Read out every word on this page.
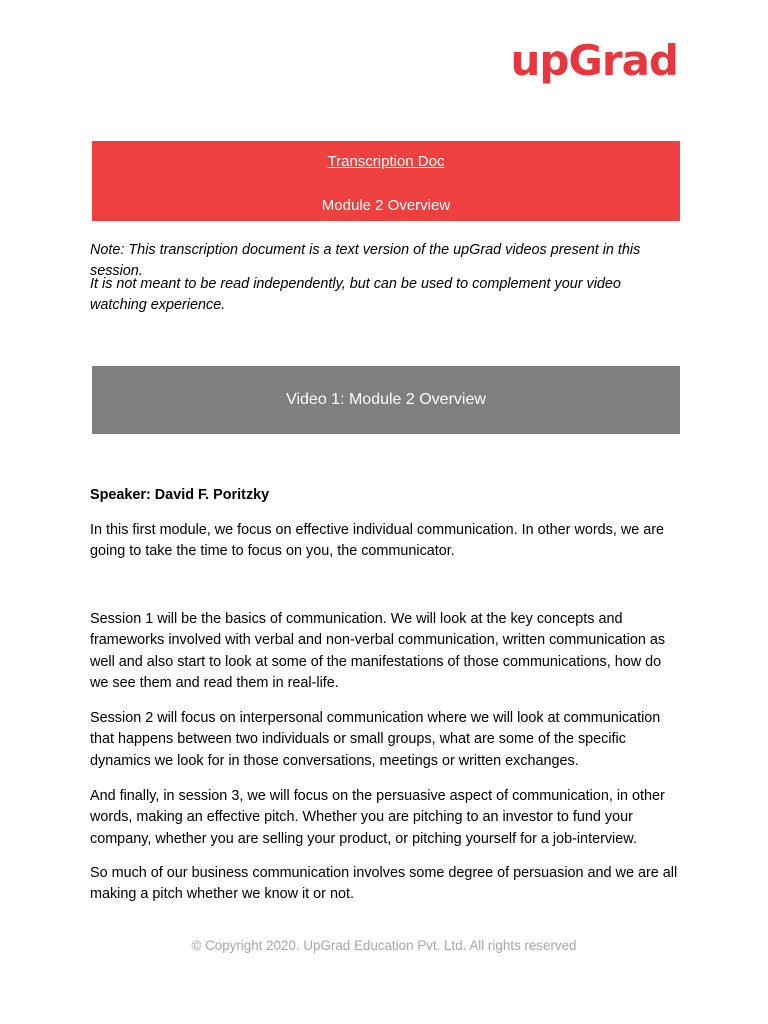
upGrad
Transcription Doc
Module 2 Overview

Note: This transcription document is a text version of the upGrad videos present in this session.

It is not meant to be read independently, but can be used to complement your video watching experience.

Video 1: Module 2 Overview

Speaker: David F. Poritzky

In this first module, we focus on effective individual communication. In other words, we are going to take the time to focus on you, the communicator.

Session 1 will be the basics of communication. We will look at the key concepts and frameworks involved with verbal and non-verbal communication, written communication as well and also start to look at some of the manifestations of those communications, how do we see them and read them in real-life.

Session 2 will focus on interpersonal communication where we will look at communication that happens between two individuals or small groups, what are some of the specific dynamics we look for in those conversations, meetings or written exchanges.

And finally, in session 3, we will focus on the persuasive aspect of communication, in other words, making an effective pitch. Whether you are pitching to an investor to fund your company, whether you are selling your product, or pitching yourself for a job-interview.

So much of our business communication involves some degree of persuasion and we are all making a pitch whether we know it or not.

© Copyright 2020. UpGrad Education Pvt. Ltd. All rights reserved
